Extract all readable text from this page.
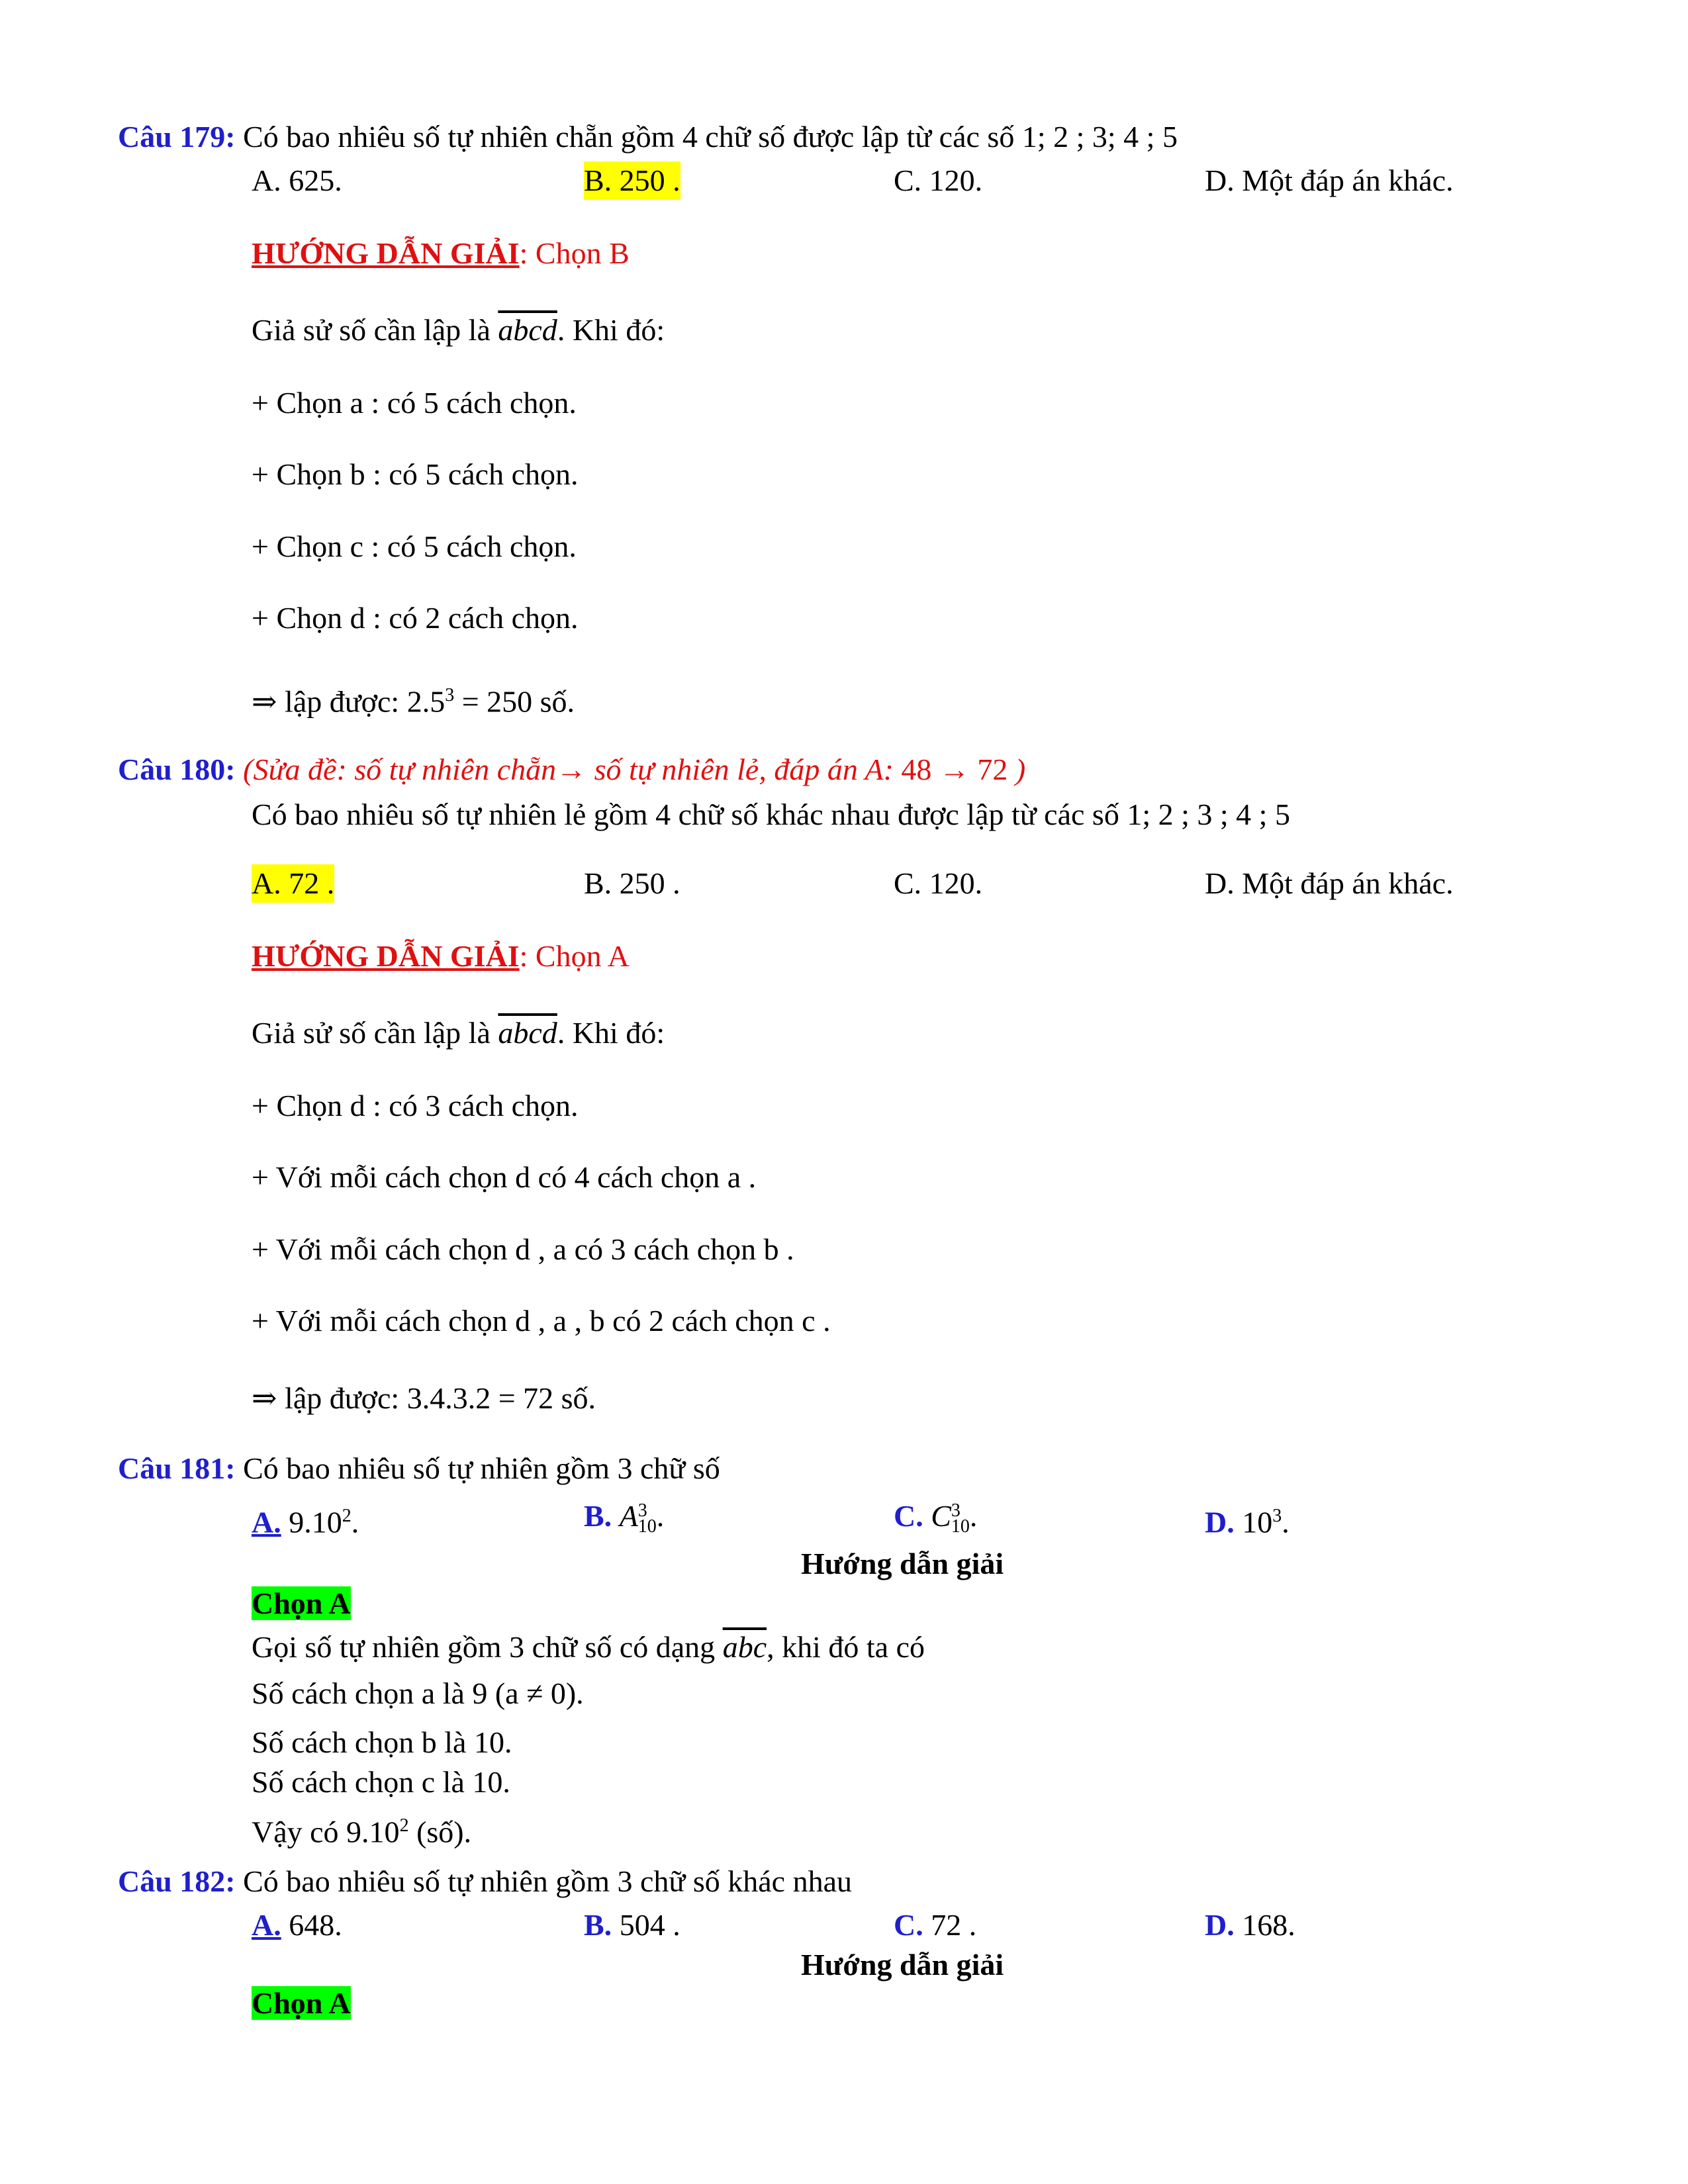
Câu 179: Có bao nhiêu số tự nhiên chẵn gồm 4 chữ số được lập từ các số 1; 2 ; 3; 4 ; 5
A. 625.	B. 250 .	C. 120.	D. Một đáp án khác.
HƯỚNG DẪN GIẢI: Chọn B
Giả sử số cần lập là abcd. Khi đó:
+ Chọn a : có 5 cách chọn.
+ Chọn b : có 5 cách chọn.
+ Chọn c : có 5 cách chọn.
+ Chọn d : có 2 cách chọn.
⇒ lập được: $2.5^3 = 250$ số.
Câu 180: (Sửa đề: số tự nhiên chẵn→ số tự nhiên lẻ, đáp án A: 48 → 72 )
Có bao nhiêu số tự nhiên lẻ gồm 4 chữ số khác nhau được lập từ các số 1; 2 ; 3 ; 4 ; 5
A. 72 .	B. 250 .	C. 120.	D. Một đáp án khác.
HƯỚNG DẪN GIẢI: Chọn A
Giả sử số cần lập là abcd. Khi đó:
+ Chọn d : có 3 cách chọn.
+ Với mỗi cách chọn d có 4 cách chọn a .
+ Với mỗi cách chọn d , a có 3 cách chọn b .
+ Với mỗi cách chọn d , a , b có 2 cách chọn c .
⇒ lập được: 3.4.3.2 = 72 số.
Câu 181: Có bao nhiêu số tự nhiên gồm 3 chữ số
A. 9.10$^2$.	B. A 3
10 .	C. C 3
10 .	D. $10^3$.
Hướng dẫn giải
Chọn A
Gọi số tự nhiên gồm 3 chữ số có dạng $\overline{abc}$, khi đó ta có
Số cách chọn a là 9 (a ≠ 0).
Số cách chọn b là 10.
Số cách chọn c là 10.
Vậy có 9.10$^2$ (số).
Câu 182: Có bao nhiêu số tự nhiên gồm 3 chữ số khác nhau
A. 648.	B. 504 .	C. 72 .	D. 168.
Hướng dẫn giải
Chọn A
